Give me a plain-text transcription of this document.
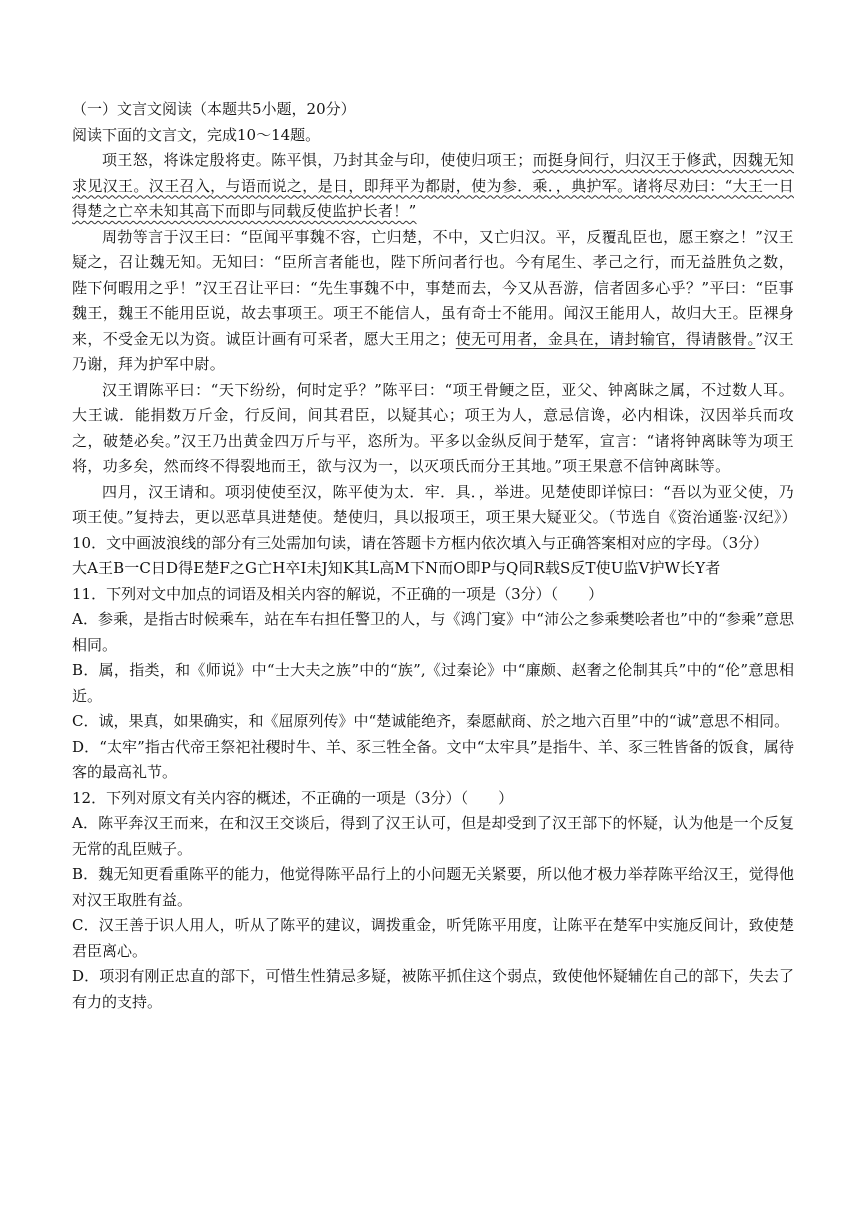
（一）文言文阅读（本题共5小题，20分）

阅读下面的文言文，完成10～14题。

项王怒，将诛定殷将吏。陈平惧，乃封其金与印，使使归项王；而挺身间行，归汉王于修武，因魏无知求见汉王。汉王召入，与语而说之，是日，即拜平为都尉，使为参．乘．，典护军。诸将尽劝曰：“大王一日得楚之亡卒未知其高下而即与同载反使监护长者！”

周勃等言于汉王曰：“臣闻平事魏不容，亡归楚，不中，又亡归汉。平，反覆乱臣也，愿王察之！”汉王疑之，召让魏无知。无知曰：“臣所言者能也，陛下所问者行也。今有尾生、孝己之行，而无益胜负之数，陛下何暇用之乎！”汉王召让平曰：“先生事魏不中，事楚而去，今又从吾游，信者固多心乎？”平曰：“臣事魏王，魏王不能用臣说，故去事项王。项王不能信人，虽有奇士不能用。闻汉王能用人，故归大王。臣裸身来，不受金无以为资。诚臣计画有可采者，愿大王用之；使无可用者，金具在，请封输官，得请骸骨。”汉王乃谢，拜为护军中尉。

汉王谓陈平曰：“天下纷纷，何时定乎？”陈平曰：“项王骨鲠之臣，亚父、钟离眛之属，不过数人耳。大王诚．能捐数万斤金，行反间，间其君臣，以疑其心；项王为人，意忌信谗，必内相诛，汉因举兵而攻之，破楚必矣。”汉王乃出黄金四万斤与平，恣所为。平多以金纵反间于楚军，宣言：“诸将钟离眛等为项王将，功多矣，然而终不得裂地而王，欲与汉为一，以灭项氏而分王其地。”项王果意不信钟离眛等。

四月，汉王请和。项羽使使至汉，陈平使为太．牢．具．，举进。见楚使即详惊曰：“吾以为亚父使，乃项王使。”复持去，更以恶草具进楚使。楚使归，具以报项王，项王果大疑亚父。（节选自《资治通鉴·汉纪》）

10．文中画波浪线的部分有三处需加句读，请在答题卡方框内依次填入与正确答案相对应的字母。（3分）

大A王B一C日D得E楚F之G亡H卒I未J知K其L高M下N而O即P与Q同R载S反T使U监V护W长Y者

11．下列对文中加点的词语及相关内容的解说，不正确的一项是（3分）（　　）

A．参乘，是指古时候乘车，站在车右担任警卫的人，与《鸿门宴》中“沛公之参乘樊哙者也”中的“参乘”意思相同。

B．属，指类，和《师说》中“士大夫之族”中的“族”,《过秦论》中“廉颇、赵奢之伦制其兵”中的“伦”意思相近。

C．诚，果真，如果确实，和《屈原列传》中“楚诚能绝齐，秦愿献商、於之地六百里”中的“诚”意思不相同。

D．“太牢”指古代帝王祭祀社稷时牛、羊、豕三牲全备。文中“太牢具”是指牛、羊、豕三牲皆备的饭食，属待客的最高礼节。

12．下列对原文有关内容的概述，不正确的一项是（3分）（　　）

A．陈平奔汉王而来，在和汉王交谈后，得到了汉王认可，但是却受到了汉王部下的怀疑，认为他是一个反复无常的乱臣贼子。

B．魏无知更看重陈平的能力，他觉得陈平品行上的小问题无关紧要，所以他才极力举荐陈平给汉王，觉得他对汉王取胜有益。

C．汉王善于识人用人，听从了陈平的建议，调拨重金，听凭陈平用度，让陈平在楚军中实施反间计，致使楚君臣离心。

D．项羽有刚正忠直的部下，可惜生性猜忌多疑，被陈平抓住这个弱点，致使他怀疑辅佐自己的部下，失去了有力的支持。
